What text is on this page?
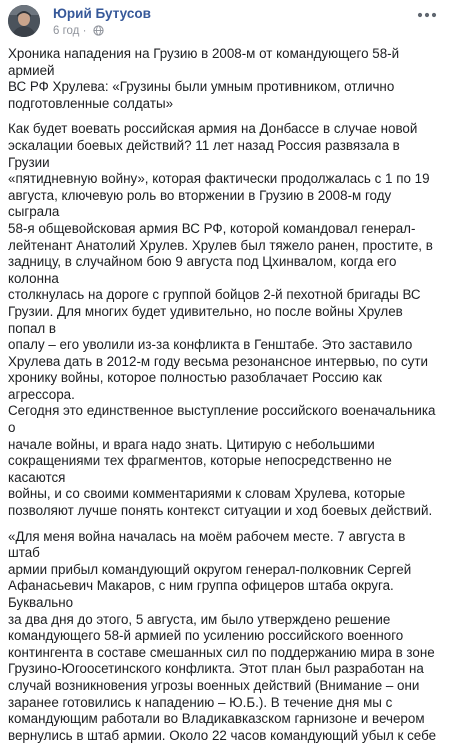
Юрий Бутусов
6 год ·

Хроника нападения на Грузию в 2008-м от командующего 58-й армией
ВС РФ Хрулева: «Грузины были умным противником, отлично
подготовленные солдаты»

Как будет воевать российская армия на Донбассе в случае новой
эскалации боевых действий? 11 лет назад Россия развязала в Грузии
«пятидневную войну», которая фактически продолжалась с 1 по 19
августа, ключевую роль во вторжении в Грузию в 2008-м году сыграла
58-я общевойсковая армия ВС РФ, которой командовал генерал-
лейтенант Анатолий Хрулев. Хрулев был тяжело ранен, простите, в
задницу, в случайном бою 9 августа под Цхинвалом, когда его колонна
столкнулась на дороге с группой бойцов 2-й пехотной бригады ВС
Грузии. Для многих будет удивительно, но после войны Хрулев попал в
опалу – его уволили из-за конфликта в Генштабе. Это заставило
Хрулева дать в 2012-м году весьма резонансное интервью, по сути
хронику войны, которое полностью разоблачает Россию как агрессора.
Сегодня это единственное выступление российского военачальника о
начале войны, и врага надо знать. Цитирую с небольшими
сокращениями тех фрагментов, которые непосредственно не касаются
войны, и со своими комментариями к словам Хрулева, которые
позволяют лучше понять контекст ситуации и ход боевых действий.

«Для меня война началась на моём рабочем месте. 7 августа в штаб
армии прибыл командующий округом генерал-полковник Сергей
Афанасьевич Макаров, с ним группа офицеров штаба округа. Буквально
за два дня до этого, 5 августа, им было утверждено решение
командующего 58-й армией по усилению российского военного
контингента в составе смешанных сил по поддержанию мира в зоне
Грузино-Югоосетинского конфликта. Этот план был разработан на
случай возникновения угрозы военных действий (Внимание – они
заранее готовились к нападению – Ю.Б.). В течение дня мы с
командующим работали во Владикавказском гарнизоне и вечером
вернулись в штаб армии. Около 22 часов командующий убыл к себе
